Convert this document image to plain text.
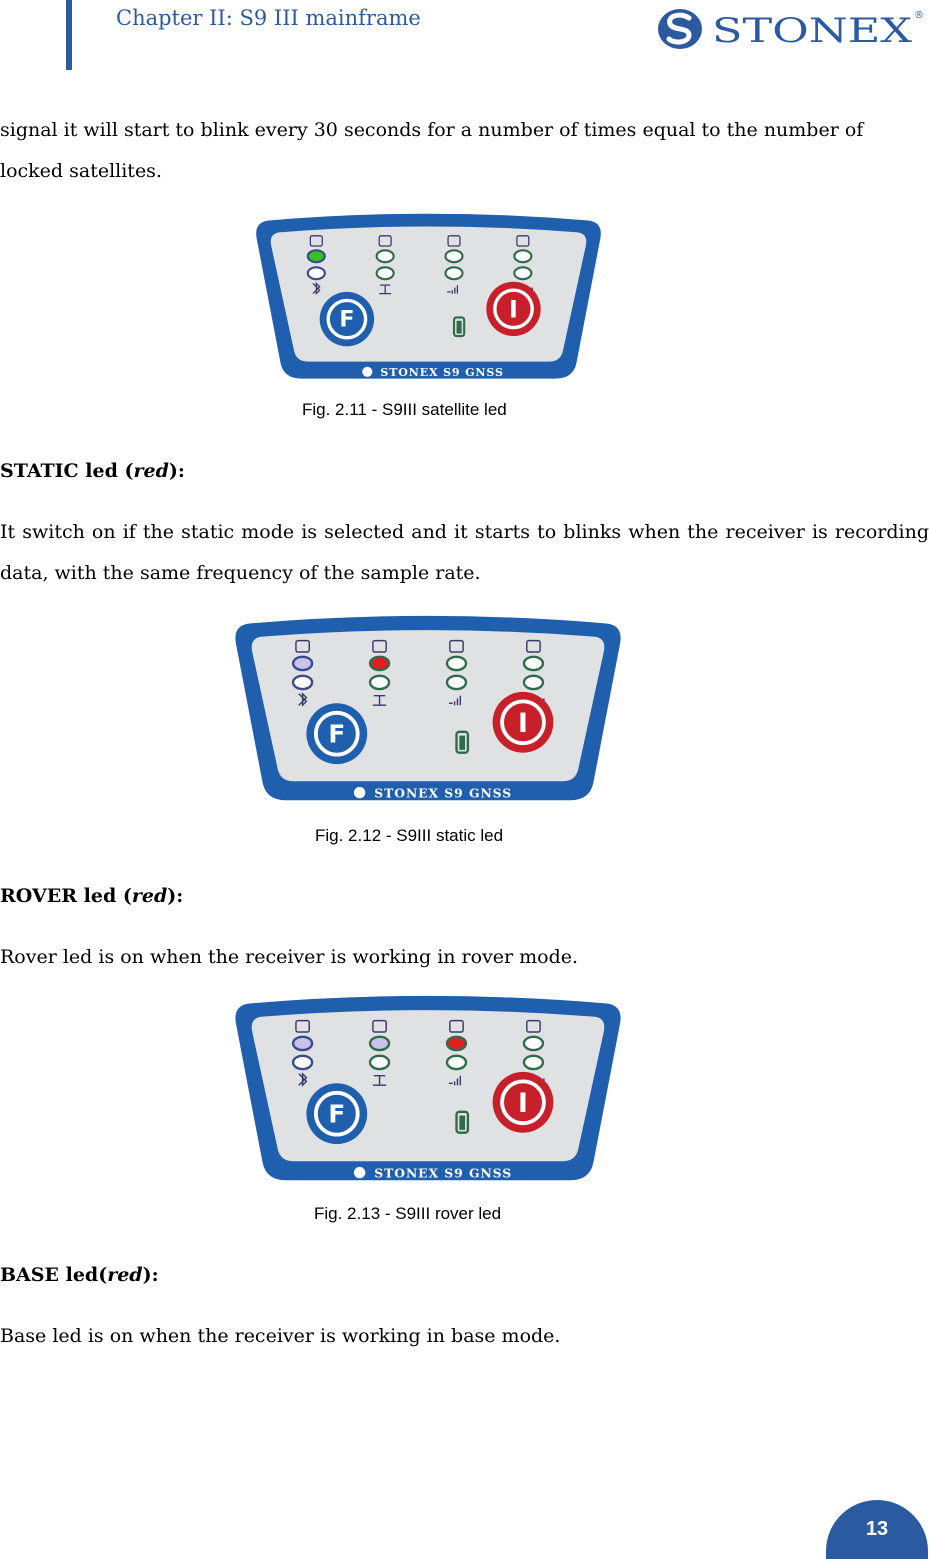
Chapter II: S9 III mainframe	STONEX ®

signal it will start to blink every 30 seconds for a number of times equal to the number of locked satellites.

F	I
STONEX S9 GNSS
Fig. 2.11 - S9III satellite led

STATIC led (red):

It switch on if the static mode is selected and it starts to blinks when the receiver is recording data, with the same frequency of the sample rate.

F	I
STONEX S9 GNSS
Fig. 2.12 - S9III static led

ROVER led (red):

Rover led is on when the receiver is working in rover mode.

F	I
STONEX S9 GNSS
Fig. 2.13 - S9III rover led

BASE led(red):

Base led is on when the receiver is working in base mode.

13
